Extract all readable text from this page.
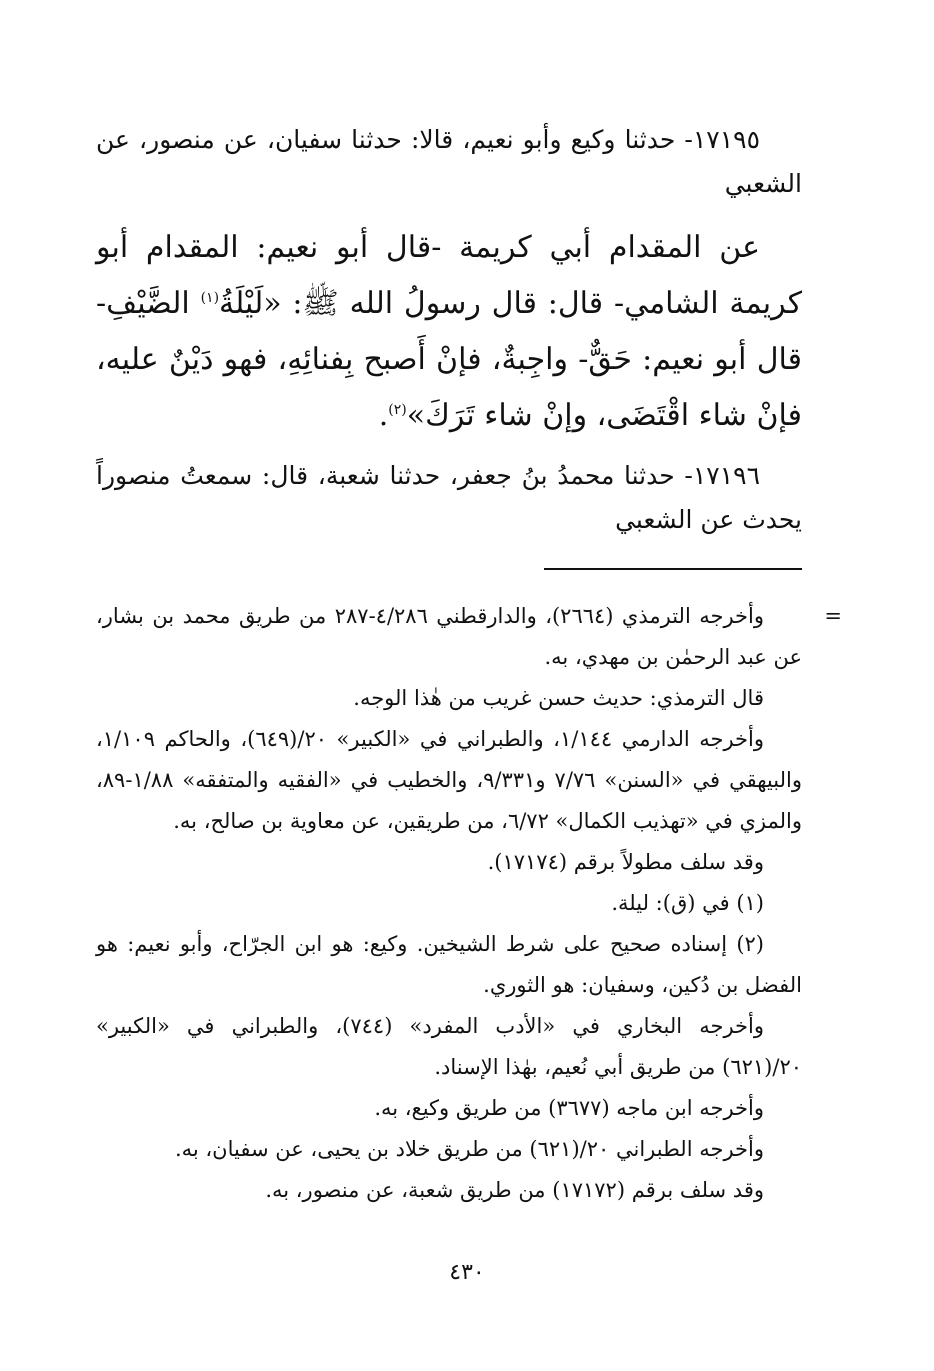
١٧١٩٥- حدثنا وكيع وأبو نعيم، قالا: حدثنا سفيان، عن منصور، عن الشعبي

عن المقدام أبي كريمة -قال أبو نعيم: المقدام أبو كريمة الشامي- قال: قال رسولُ الله ﷺ: «لَيْلَةُ$^{(١)}$ الضَّيْفِ- قال أبو نعيم: حَقٌّ- واجِبةٌ، فإنْ أَصبح بِفنائِهِ، فهو دَيْنٌ عليه، فإنْ شاء اقْتَضَى، وإنْ شاء تَرَكَ»$^{(٢)}$.

١٧١٩٦- حدثنا محمدُ بنُ جعفر، حدثنا شعبة، قال: سمعتُ منصوراً يحدث عن الشعبي

=
وأخرجه الترمذي (٢٦٦٤)، والدارقطني ٤/٢٨٦-٢٨٧ من طريق محمد بن بشار، عن عبد الرحمٰن بن مهدي، به.

قال الترمذي: حديث حسن غريب من هٰذا الوجه.

وأخرجه الدارمي ١/١٤٤، والطبراني في «الكبير» ٢٠/(٦٤٩)، والحاكم ١/١٠٩، والبيهقي في «السنن» ٧/٧٦ و٩/٣٣١، والخطيب في «الفقيه والمتفقه» ١/٨٨-٨٩، والمزي في «تهذيب الكمال» ٦/٧٢، من طريقين، عن معاوية بن صالح، به.

وقد سلف مطولاً برقم (١٧١٧٤).

(١) في (ق): ليلة.

(٢) إسناده صحيح على شرط الشيخين. وكيع: هو ابن الجرّاح، وأبو نعيم: هو الفضل بن دُكين، وسفيان: هو الثوري.

وأخرجه البخاري في «الأدب المفرد» (٧٤٤)، والطبراني في «الكبير» ٢٠/(٦٢١) من طريق أبي نُعيم، بهٰذا الإسناد.

وأخرجه ابن ماجه (٣٦٧٧) من طريق وكيع، به.

وأخرجه الطبراني ٢٠/(٦٢١) من طريق خلاد بن يحيى، عن سفيان، به.

وقد سلف برقم (١٧١٧٢) من طريق شعبة، عن منصور، به.

٤٣٠
